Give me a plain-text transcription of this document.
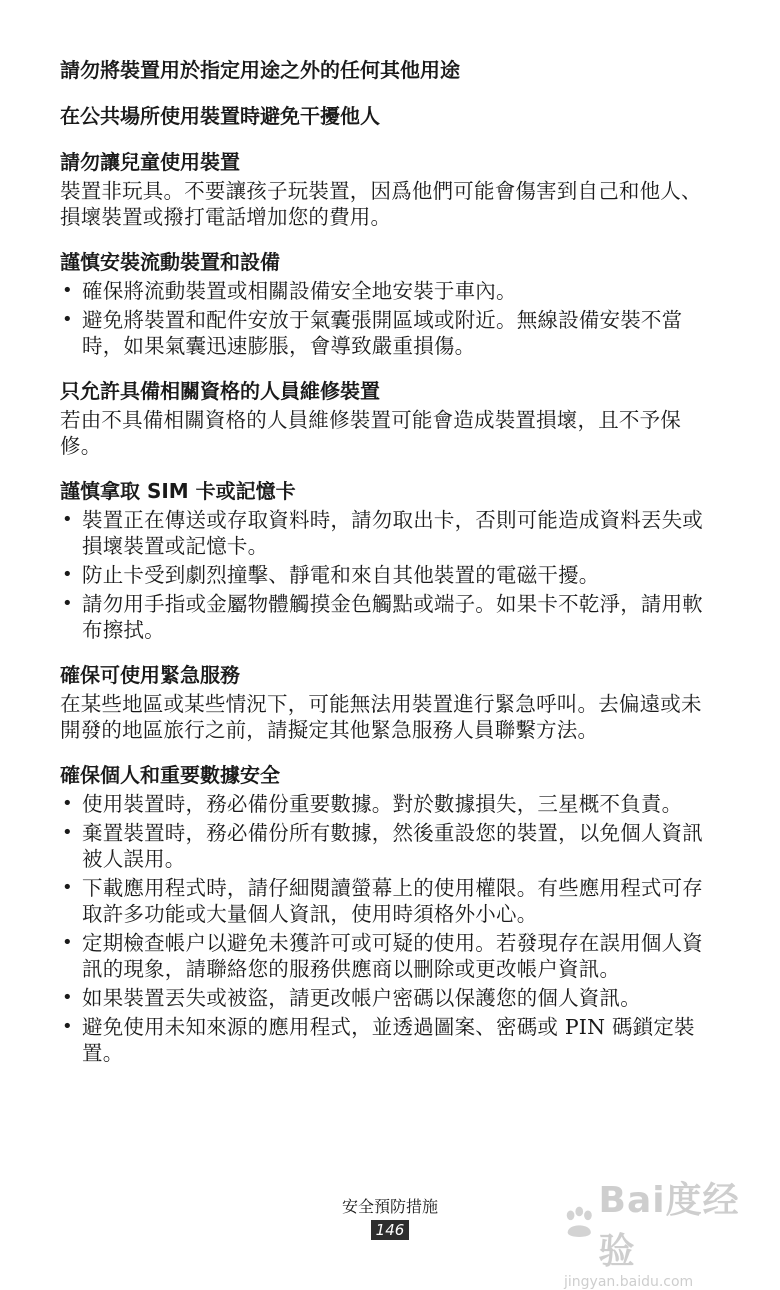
請勿將裝置用於指定用途之外的任何其他用途
在公共場所使用裝置時避免干擾他人
請勿讓兒童使用裝置

裝置非玩具。不要讓孩子玩裝置，因爲他們可能會傷害到自己和他人、損壞裝置或撥打電話增加您的費用。

謹慎安裝流動裝置和設備
• 確保將流動裝置或相關設備安全地安裝于車內。
• 避免將裝置和配件安放于氣囊張開區域或附近。無線設備安裝不當時，如果氣囊迅速膨脹，會導致嚴重損傷。
只允許具備相關資格的人員維修裝置

若由不具備相關資格的人員維修裝置可能會造成裝置損壞，且不予保修。

謹慎拿取 SIM 卡或記憶卡
• 裝置正在傳送或存取資料時，請勿取出卡，否則可能造成資料丟失或損壞裝置或記憶卡。
• 防止卡受到劇烈撞擊、靜電和來自其他裝置的電磁干擾。
• 請勿用手指或金屬物體觸摸金色觸點或端子。如果卡不乾淨，請用軟布擦拭。
確保可使用緊急服務

在某些地區或某些情況下，可能無法用裝置進行緊急呼叫。去偏遠或未開發的地區旅行之前，請擬定其他緊急服務人員聯繫方法。

確保個人和重要數據安全
• 使用裝置時，務必備份重要數據。對於數據損失，三星概不負責。
• 棄置裝置時，務必備份所有數據，然後重設您的裝置，以免個人資訊被人誤用。
• 下載應用程式時，請仔細閱讀螢幕上的使用權限。有些應用程式可存取許多功能或大量個人資訊，使用時須格外小心。
• 定期檢查帳户以避免未獲許可或可疑的使用。若發現存在誤用個人資訊的現象，請聯絡您的服務供應商以刪除或更改帳户資訊。
• 如果裝置丟失或被盜，請更改帳户密碼以保護您的個人資訊。
• 避免使用未知來源的應用程式，並透過圖案、密碼或 PIN 碼鎖定裝置。
安全預防措施
146
Bai度经验
jingyan.baidu.com
